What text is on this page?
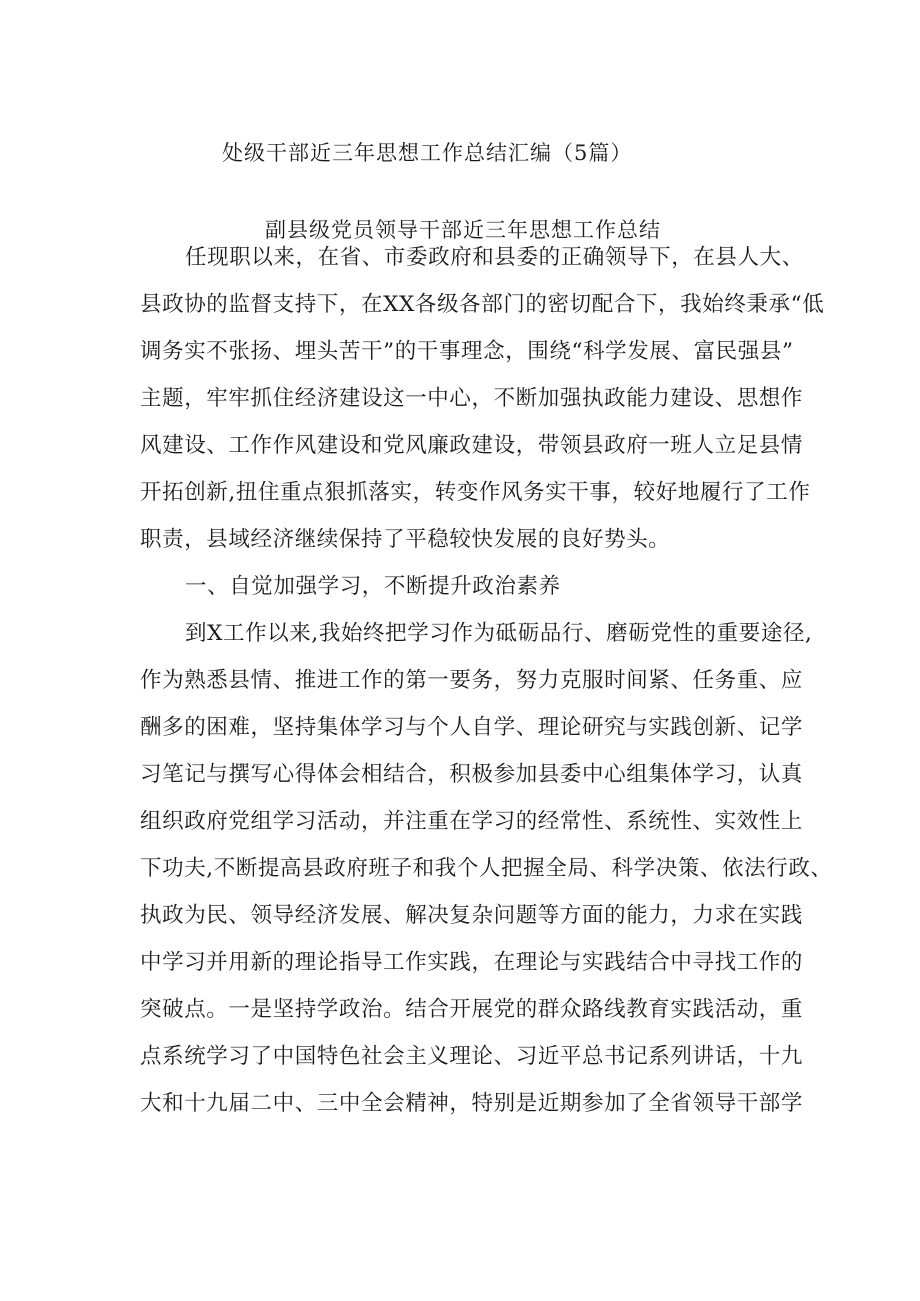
处级干部近三年思想工作总结汇编（5篇）
副县级党员领导干部近三年思想工作总结
任现职以来，在省、市委政府和县委的正确领导下，在县人大、
县政协的监督支持下，在XX各级各部门的密切配合下，我始终秉承“低
调务实不张扬、埋头苦干”的干事理念，围绕“科学发展、富民强县”
主题，牢牢抓住经济建设这一中心，不断加强执政能力建设、思想作
风建设、工作作风建设和党风廉政建设，带领县政府一班人立足县情
开拓创新,扭住重点狠抓落实，转变作风务实干事，较好地履行了工作
职责，县域经济继续保持了平稳较快发展的良好势头。
一、自觉加强学习，不断提升政治素养
到X工作以来,我始终把学习作为砥砺品行、磨砺党性的重要途径,
作为熟悉县情、推进工作的第一要务，努力克服时间紧、任务重、应
酬多的困难，坚持集体学习与个人自学、理论研究与实践创新、记学
习笔记与撰写心得体会相结合，积极参加县委中心组集体学习，认真
组织政府党组学习活动，并注重在学习的经常性、系统性、实效性上
下功夫,不断提高县政府班子和我个人把握全局、科学决策、依法行政、
执政为民、领导经济发展、解决复杂问题等方面的能力，力求在实践
中学习并用新的理论指导工作实践，在理论与实践结合中寻找工作的
突破点。一是坚持学政治。结合开展党的群众路线教育实践活动，重
点系统学习了中国特色社会主义理论、习近平总书记系列讲话，十九
大和十九届二中、三中全会精神，特别是近期参加了全省领导干部学
